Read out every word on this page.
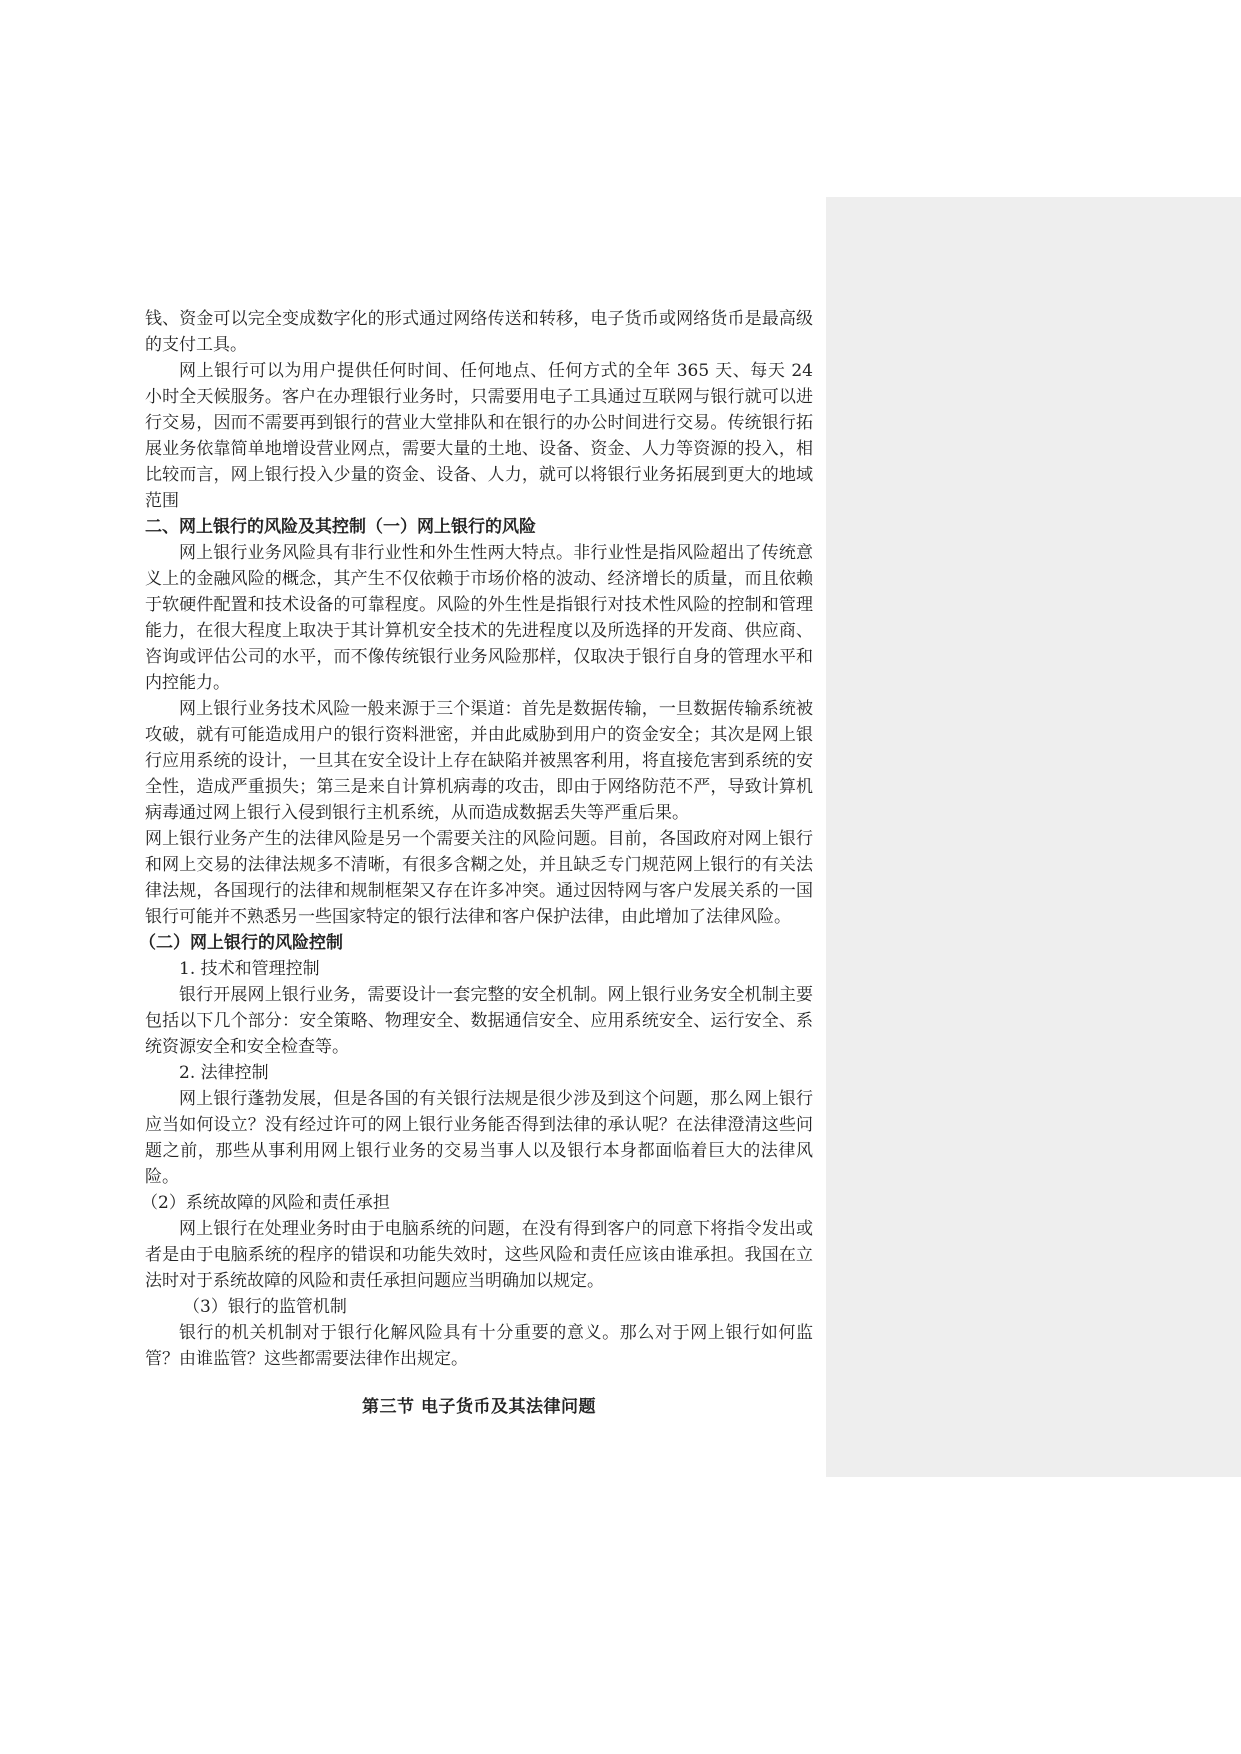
钱、资金可以完全变成数字化的形式通过网络传送和转移，电子货币或网络货币是最高级的支付工具。

网上银行可以为用户提供任何时间、任何地点、任何方式的全年 365 天、每天 24 小时全天候服务。客户在办理银行业务时，只需要用电子工具通过互联网与银行就可以进行交易，因而不需要再到银行的营业大堂排队和在银行的办公时间进行交易。传统银行拓展业务依靠简单地增设营业网点，需要大量的土地、设备、资金、人力等资源的投入，相比较而言，网上银行投入少量的资金、设备、人力，就可以将银行业务拓展到更大的地域范围

二、网上银行的风险及其控制（一）网上银行的风险

网上银行业务风险具有非行业性和外生性两大特点。非行业性是指风险超出了传统意义上的金融风险的概念，其产生不仅依赖于市场价格的波动、经济增长的质量，而且依赖于软硬件配置和技术设备的可靠程度。风险的外生性是指银行对技术性风险的控制和管理能力，在很大程度上取决于其计算机安全技术的先进程度以及所选择的开发商、供应商、咨询或评估公司的水平，而不像传统银行业务风险那样，仅取决于银行自身的管理水平和内控能力。

网上银行业务技术风险一般来源于三个渠道：首先是数据传输，一旦数据传输系统被攻破，就有可能造成用户的银行资料泄密，并由此威胁到用户的资金安全；其次是网上银行应用系统的设计，一旦其在安全设计上存在缺陷并被黑客利用，将直接危害到系统的安全性，造成严重损失；第三是来自计算机病毒的攻击，即由于网络防范不严，导致计算机病毒通过网上银行入侵到银行主机系统，从而造成数据丢失等严重后果。

网上银行业务产生的法律风险是另一个需要关注的风险问题。目前，各国政府对网上银行和网上交易的法律法规多不清晰，有很多含糊之处，并且缺乏专门规范网上银行的有关法律法规，各国现行的法律和规制框架又存在许多冲突。通过因特网与客户发展关系的一国银行可能并不熟悉另一些国家特定的银行法律和客户保护法律，由此增加了法律风险。

（二）网上银行的风险控制

1. 技术和管理控制

银行开展网上银行业务，需要设计一套完整的安全机制。网上银行业务安全机制主要包括以下几个部分：安全策略、物理安全、数据通信安全、应用系统安全、运行安全、系统资源安全和安全检查等。

2. 法律控制

网上银行蓬勃发展，但是各国的有关银行法规是很少涉及到这个问题，那么网上银行应当如何设立？没有经过许可的网上银行业务能否得到法律的承认呢？在法律澄清这些问题之前，那些从事利用网上银行业务的交易当事人以及银行本身都面临着巨大的法律风险。

（2）系统故障的风险和责任承担

网上银行在处理业务时由于电脑系统的问题，在没有得到客户的同意下将指令发出或者是由于电脑系统的程序的错误和功能失效时，这些风险和责任应该由谁承担。我国在立法时对于系统故障的风险和责任承担问题应当明确加以规定。

（3）银行的监管机制

银行的机关机制对于银行化解风险具有十分重要的意义。那么对于网上银行如何监管？由谁监管？这些都需要法律作出规定。

第三节 电子货币及其法律问题
